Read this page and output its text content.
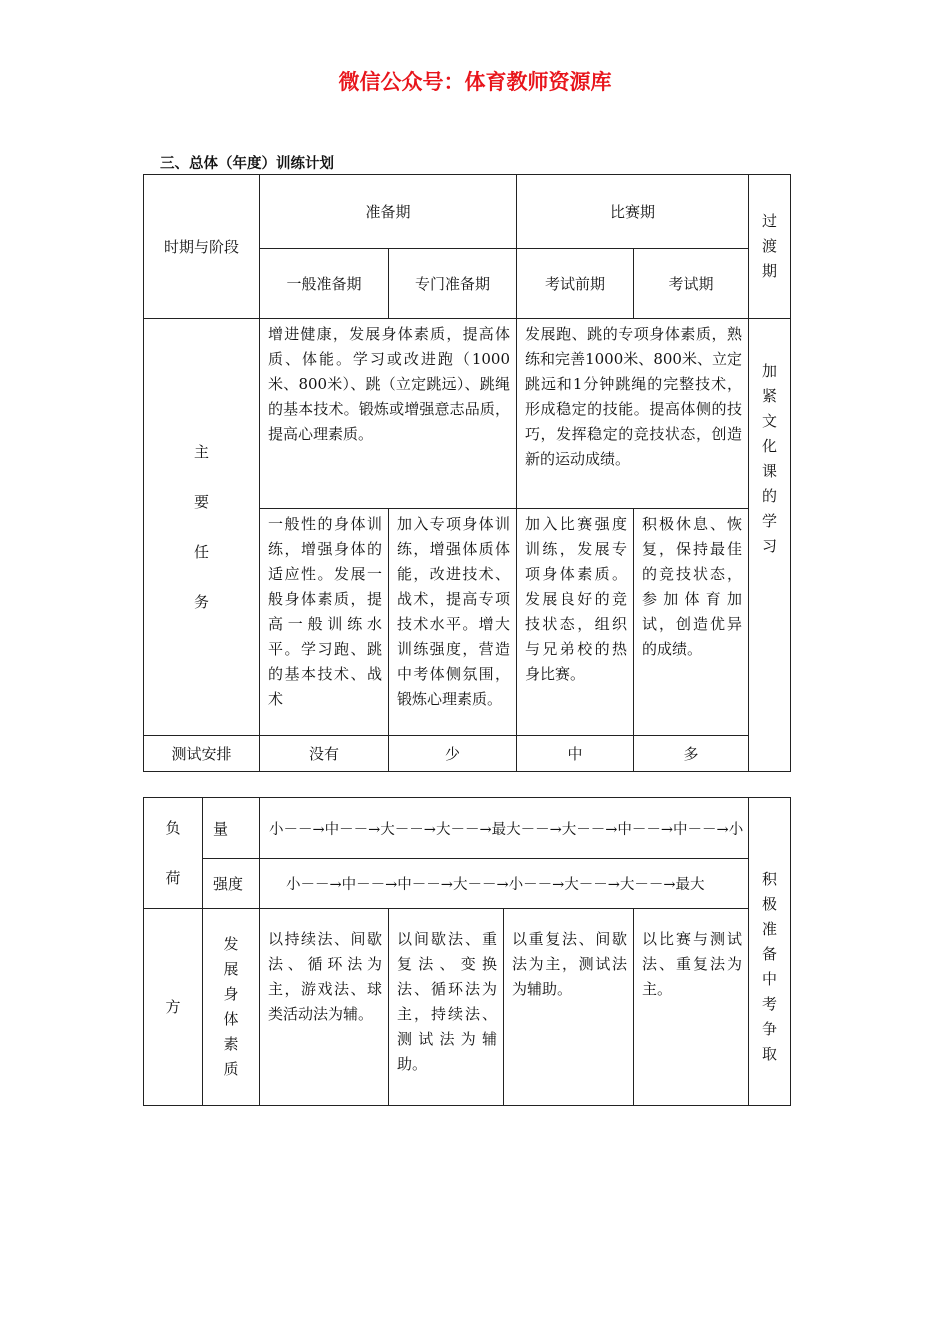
微信公众号：体育教师资源库
三、总体（年度）训练计划
时期与阶段	准备期		比赛期		过渡期

	一般准备期	专门准备期	考试前期	考试期	

主要任务	增进健康，发展身体素质，提高体质、体能。学习或改进跑（1000米、800米）、跳（立定跳远）、跳绳的基本技术。锻炼或增强意志品质，提高心理素质。		发展跑、跳的专项身体素质，熟练和完善1000米、800米、立定跳远和1分钟跳绳的完整技术，形成稳定的技能。提高体侧的技巧，发挥稳定的竞技状态，创造新的运动成绩。		加紧文化课的学习

	一般性的身体训练，增强身体的适应性。发展一般身体素质，提高一般训练水平。学习跑、跳的基本技术、战术	加入专项身体训练，增强体质体能，改进技术、战术，提高专项技术水平。增大训练强度，营造中考体侧氛围，锻炼心理素质。	加入比赛强度训练，发展专项身体素质。发展良好的竞技状态，组织与兄弟校的热身比赛。	积极休息、恢复，保持最佳的竞技状态，参加体育加试，创造优异的成绩。	

测试安排	没有	少	中	多	
负荷	量	小－－→中－－→大－－→大－－→最大－－→大－－→中－－→中－－→小				积极准备中考争取

	强度	小－－→中－－→中－－→大－－→小－－→大－－→大－－→最大				

方	发展身体素质	以持续法、间歇法、循环法为主，游戏法、球类活动法为辅。	以间歇法、重复法、变换法、循环法为主，持续法、测试法为辅助。	以重复法、间歇法为主，测试法为辅助。	以比赛与测试法、重复法为主。	
